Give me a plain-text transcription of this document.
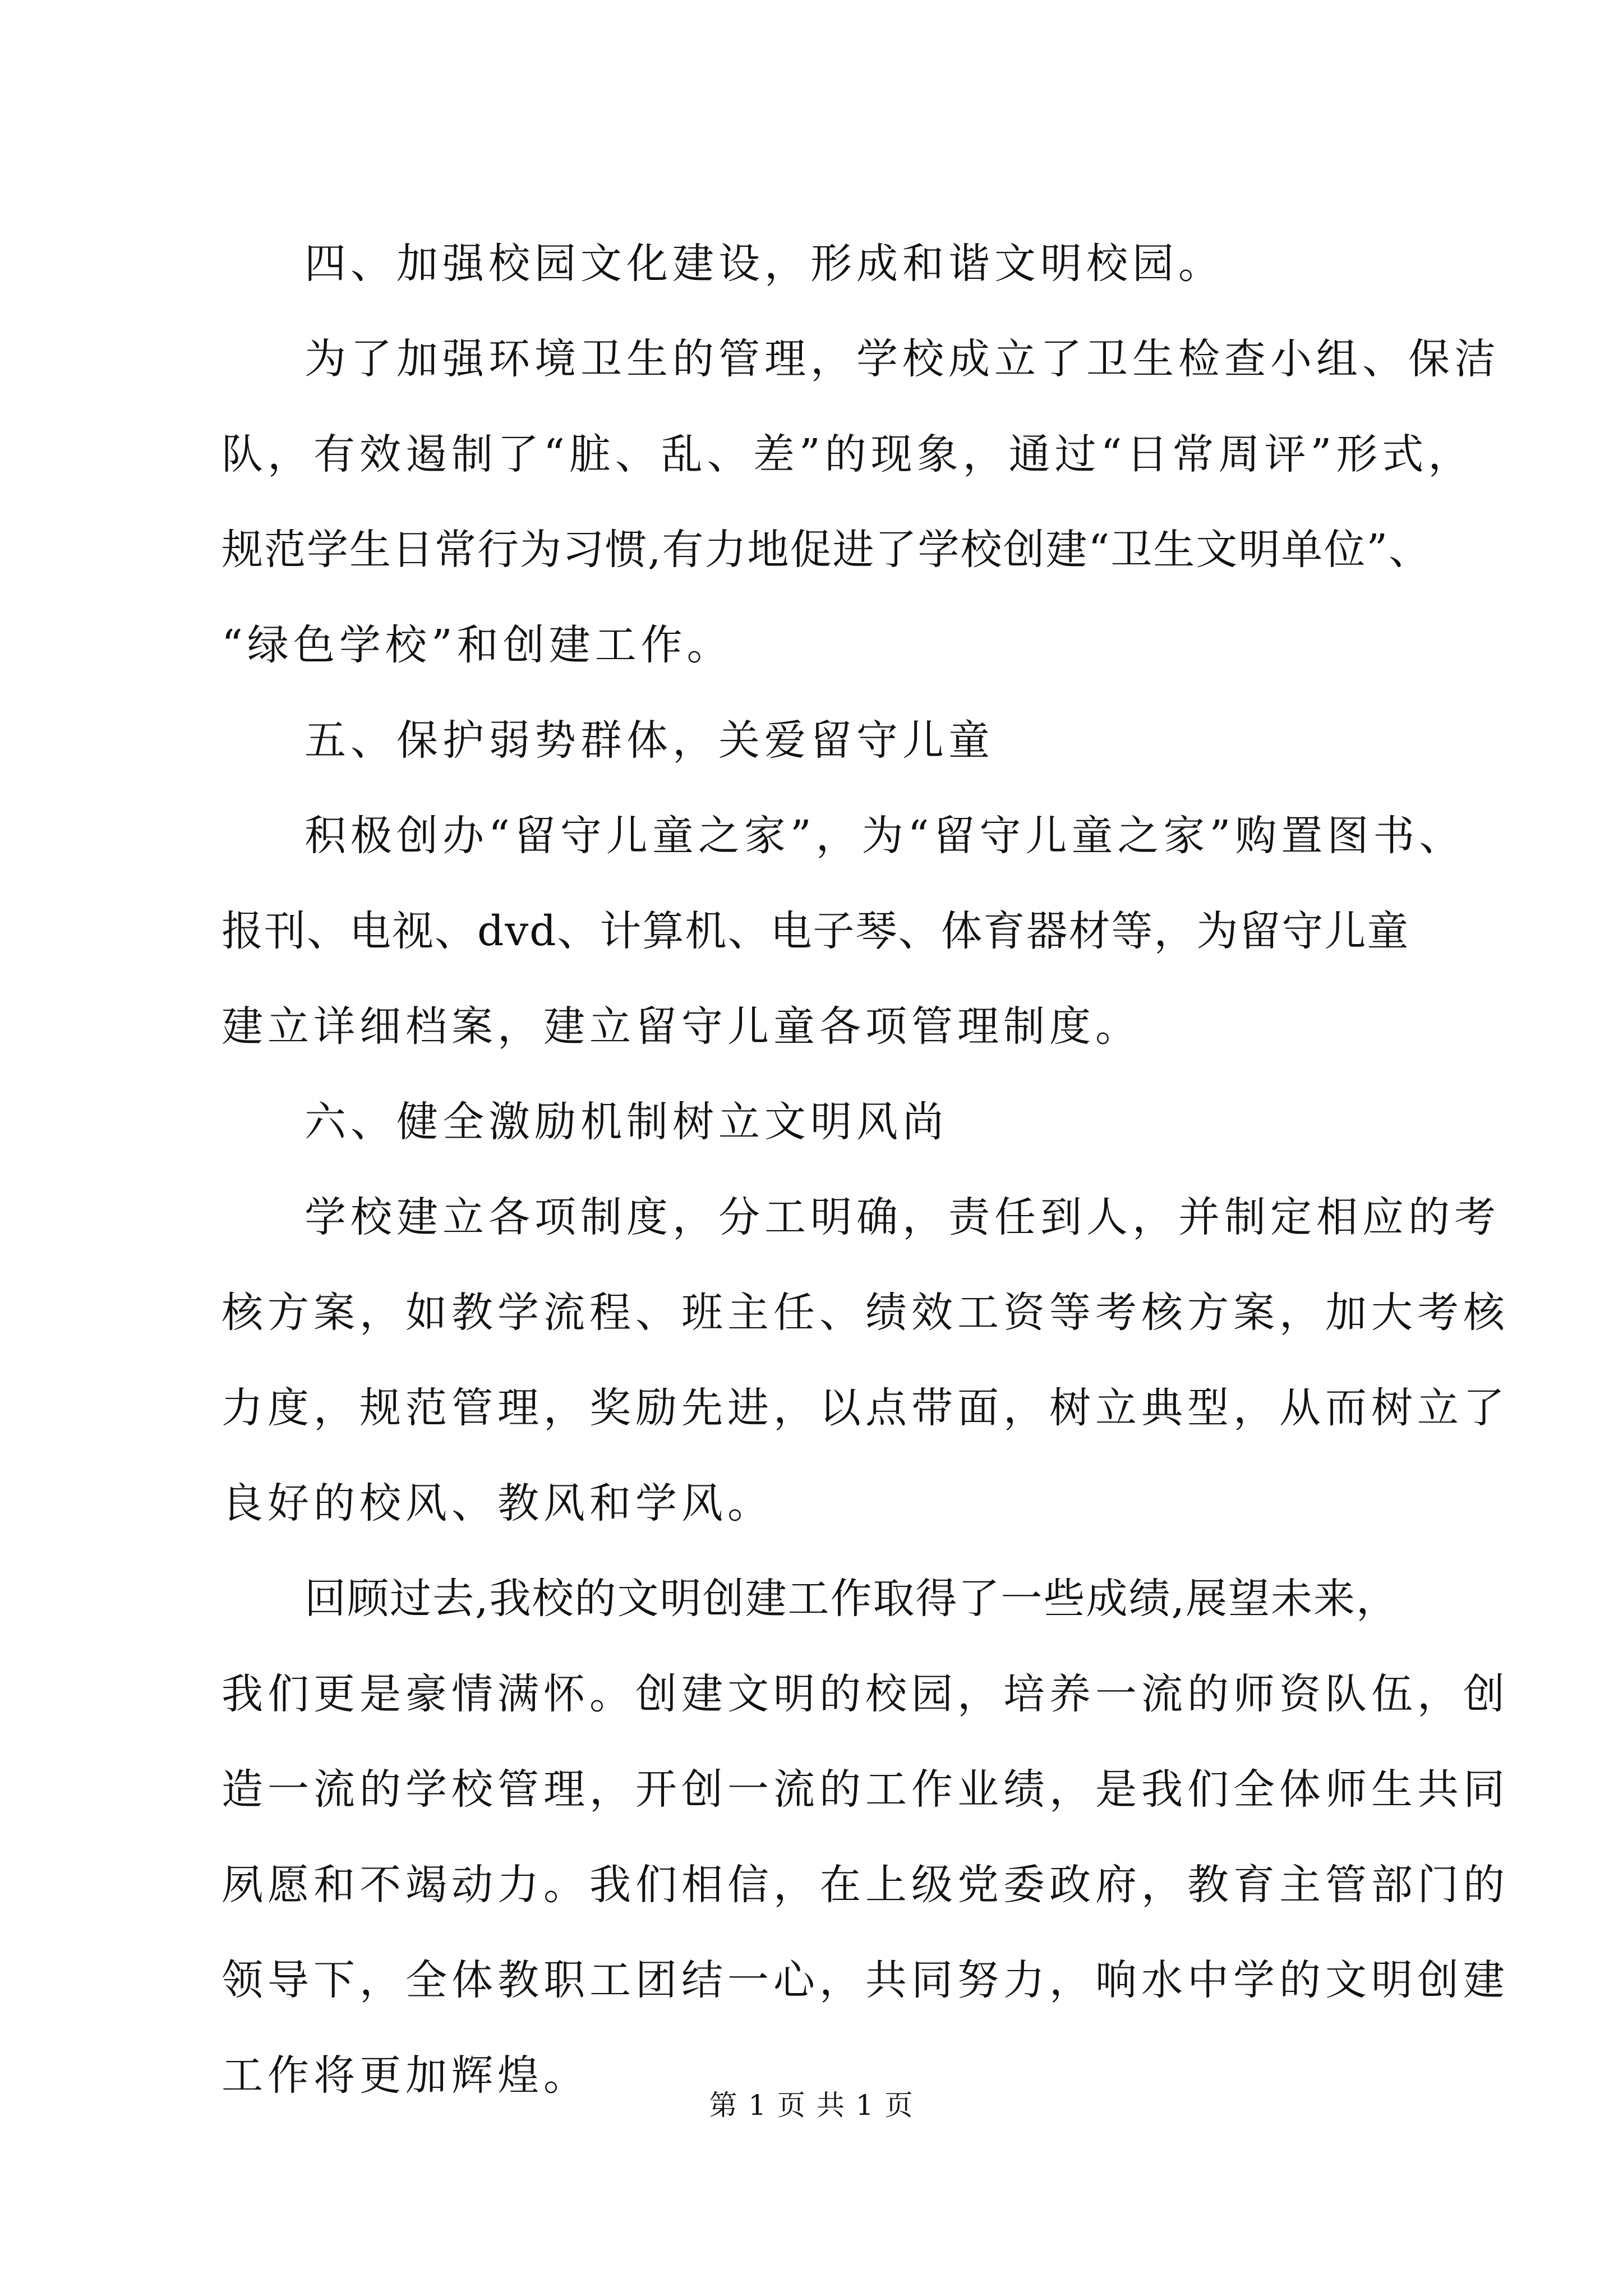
四、加强校园文化建设，形成和谐文明校园。
为了加强环境卫生的管理，学校成立了卫生检查小组、保洁
队，有效遏制了“脏、乱、差”的现象，通过“日常周评”形式，
规范学生日常行为习惯,有力地促进了学校创建“卫生文明单位”、
“绿色学校”和创建工作。
五、保护弱势群体，关爱留守儿童
积极创办“留守儿童之家”，为“留守儿童之家”购置图书、
报刊、电视、dvd、计算机、电子琴、体育器材等，为留守儿童
建立详细档案，建立留守儿童各项管理制度。
六、健全激励机制树立文明风尚
学校建立各项制度，分工明确，责任到人，并制定相应的考
核方案，如教学流程、班主任、绩效工资等考核方案，加大考核
力度，规范管理，奖励先进，以点带面，树立典型，从而树立了
良好的校风、教风和学风。
回顾过去,我校的文明创建工作取得了一些成绩,展望未来，
我们更是豪情满怀。创建文明的校园，培养一流的师资队伍，创
造一流的学校管理，开创一流的工作业绩，是我们全体师生共同
夙愿和不竭动力。我们相信，在上级党委政府，教育主管部门的
领导下，全体教职工团结一心，共同努力，响水中学的文明创建
工作将更加辉煌。
第 1 页 共 1 页
